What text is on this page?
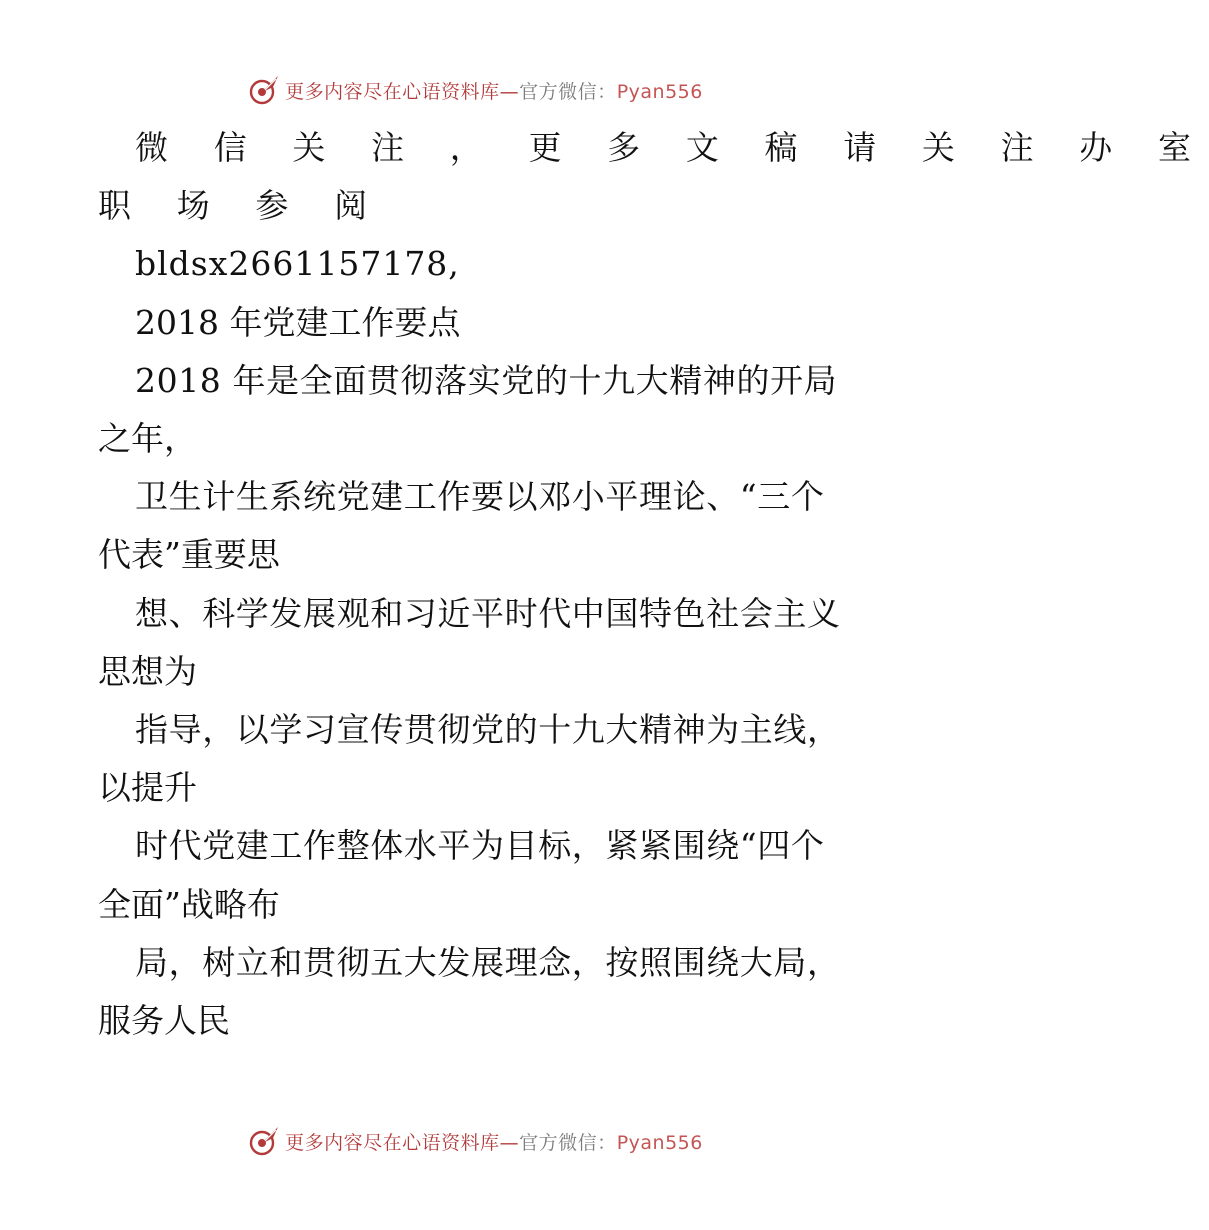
更多内容尽在心语资料库—官方微信：Pyan556

微 信 关 注 ， 更 多 文 稿 请 关 注 办 室

职 场 参 阅

bldsx2661157178,

2018 年党建工作要点

2018 年是全面贯彻落实党的十九大精神的开局

之年，

卫生计生系统党建工作要以邓小平理论、“三个

代表”重要思

想、科学发展观和习近平时代中国特色社会主义

思想为

指导，以学习宣传贯彻党的十九大精神为主线，

以提升

时代党建工作整体水平为目标，紧紧围绕“四个

全面”战略布

局，树立和贯彻五大发展理念，按照围绕大局，

服务人民

更多内容尽在心语资料库—官方微信：Pyan556
